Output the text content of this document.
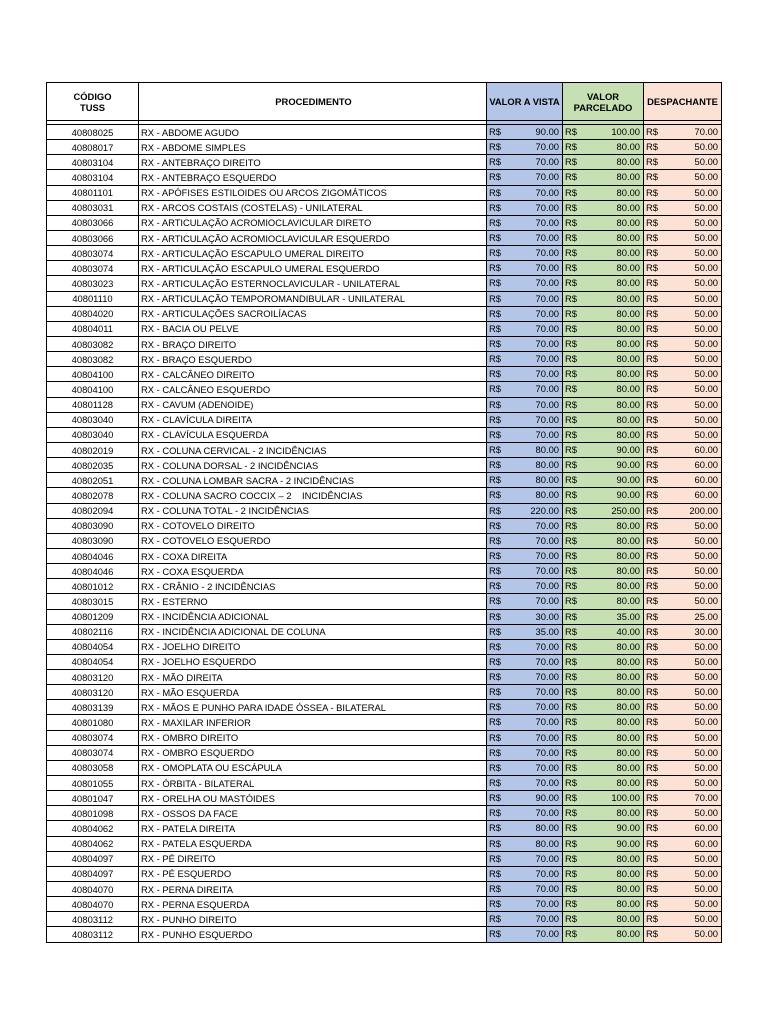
CÓDIGO TUSS	PROCEDIMENTO	VALOR A VISTA	VALOR PARCELADO	DESPACHANTE

40808025	RX - ABDOME AGUDO	R$ 90.00	R$ 100.00	R$ 70.00

40808017	RX - ABDOME SIMPLES	R$ 70.00	R$ 80.00	R$ 50.00

40803104	RX - ANTEBRAÇO DIREITO	R$ 70.00	R$ 80.00	R$ 50.00

40803104	RX - ANTEBRAÇO ESQUERDO	R$ 70.00	R$ 80.00	R$ 50.00

40801101	RX - APÓFISES ESTILOIDES OU ARCOS ZIGOMÁTICOS	R$ 70.00	R$ 80.00	R$ 50.00

40803031	RX - ARCOS COSTAIS (COSTELAS) - UNILATERAL	R$ 70.00	R$ 80.00	R$ 50.00

40803066	RX - ARTICULAÇÃO ACROMIOCLAVICULAR DIRETO	R$ 70.00	R$ 80.00	R$ 50.00

40803066	RX - ARTICULAÇÃO ACROMIOCLAVICULAR ESQUERDO	R$ 70.00	R$ 80.00	R$ 50.00

40803074	RX - ARTICULAÇÃO ESCAPULO UMERAL DIREITO	R$ 70.00	R$ 80.00	R$ 50.00

40803074	RX - ARTICULAÇÃO ESCAPULO UMERAL ESQUERDO	R$ 70.00	R$ 80.00	R$ 50.00

40803023	RX - ARTICULAÇÃO ESTERNOCLAVICULAR - UNILATERAL	R$ 70.00	R$ 80.00	R$ 50.00

40801110	RX - ARTICULAÇÃO TEMPOROMANDIBULAR - UNILATERAL	R$ 70.00	R$ 80.00	R$ 50.00

40804020	RX - ARTICULAÇÕES SACROILÍACAS	R$ 70.00	R$ 80.00	R$ 50.00

40804011	RX - BACIA OU PELVE	R$ 70.00	R$ 80.00	R$ 50.00

40803082	RX - BRAÇO DIREITO	R$ 70.00	R$ 80.00	R$ 50.00

40803082	RX - BRAÇO ESQUERDO	R$ 70.00	R$ 80.00	R$ 50.00

40804100	RX - CALCÂNEO DIREITO	R$ 70.00	R$ 80.00	R$ 50.00

40804100	RX - CALCÂNEO ESQUERDO	R$ 70.00	R$ 80.00	R$ 50.00

40801128	RX - CAVUM (ADENOIDE)	R$ 70.00	R$ 80.00	R$ 50.00

40803040	RX - CLAVÍCULA DIREITA	R$ 70.00	R$ 80.00	R$ 50.00

40803040	RX - CLAVÍCULA ESQUERDA	R$ 70.00	R$ 80.00	R$ 50.00

40802019	RX - COLUNA CERVICAL - 2 INCIDÊNCIAS	R$ 80.00	R$ 90.00	R$ 60.00

40802035	RX - COLUNA DORSAL - 2 INCIDÊNCIAS	R$ 80.00	R$ 90.00	R$ 60.00

40802051	RX - COLUNA LOMBAR SACRA - 2 INCIDÊNCIAS	R$ 80.00	R$ 90.00	R$ 60.00

40802078	RX - COLUNA SACRO COCCIX – 2    INCIDÊNCIAS	R$ 80.00	R$ 90.00	R$ 60.00

40802094	RX - COLUNA TOTAL - 2 INCIDÊNCIAS	R$ 220.00	R$ 250.00	R$ 200.00

40803090	RX - COTOVELO DIREITO	R$ 70.00	R$ 80.00	R$ 50.00

40803090	RX - COTOVELO ESQUERDO	R$ 70.00	R$ 80.00	R$ 50.00

40804046	RX - COXA DIREITA	R$ 70.00	R$ 80.00	R$ 50.00

40804046	RX - COXA ESQUERDA	R$ 70.00	R$ 80.00	R$ 50.00

40801012	RX - CRÂNIO - 2 INCIDÊNCIAS	R$ 70.00	R$ 80.00	R$ 50.00

40803015	RX - ESTERNO	R$ 70.00	R$ 80.00	R$ 50.00

40801209	RX - INCIDÊNCIA ADICIONAL	R$ 30.00	R$ 35.00	R$ 25.00

40802116	RX - INCIDÊNCIA ADICIONAL DE COLUNA	R$ 35.00	R$ 40.00	R$ 30.00

40804054	RX - JOELHO DIREITO	R$ 70.00	R$ 80.00	R$ 50.00

40804054	RX - JOELHO ESQUERDO	R$ 70.00	R$ 80.00	R$ 50.00

40803120	RX - MÃO DIREITA	R$ 70.00	R$ 80.00	R$ 50.00

40803120	RX - MÃO ESQUERDA	R$ 70.00	R$ 80.00	R$ 50.00

40803139	RX - MÃOS E PUNHO PARA IDADE ÓSSEA - BILATERAL	R$ 70.00	R$ 80.00	R$ 50.00

40801080	RX - MAXILAR INFERIOR	R$ 70.00	R$ 80.00	R$ 50.00

40803074	RX - OMBRO DIREITO	R$ 70.00	R$ 80.00	R$ 50.00

40803074	RX - OMBRO ESQUERDO	R$ 70.00	R$ 80.00	R$ 50.00

40803058	RX - OMOPLATA OU ESCÁPULA	R$ 70.00	R$ 80.00	R$ 50.00

40801055	RX - ÓRBITA - BILATERAL	R$ 70.00	R$ 80.00	R$ 50.00

40801047	RX - ORELHA OU MASTÓIDES	R$ 90.00	R$ 100.00	R$ 70.00

40801098	RX - OSSOS DA FACE	R$ 70.00	R$ 80.00	R$ 50.00

40804062	RX - PATELA DIREITA	R$ 80.00	R$ 90.00	R$ 60.00

40804062	RX - PATELA ESQUERDA	R$ 80.00	R$ 90.00	R$ 60.00

40804097	RX - PÉ DIREITO	R$ 70.00	R$ 80.00	R$ 50.00

40804097	RX - PÉ ESQUERDO	R$ 70.00	R$ 80.00	R$ 50.00

40804070	RX - PERNA DIREITA	R$ 70.00	R$ 80.00	R$ 50.00

40804070	RX - PERNA ESQUERDA	R$ 70.00	R$ 80.00	R$ 50.00

40803112	RX - PUNHO DIREITO	R$ 70.00	R$ 80.00	R$ 50.00

40803112	RX - PUNHO ESQUERDO	R$ 70.00	R$ 80.00	R$ 50.00
